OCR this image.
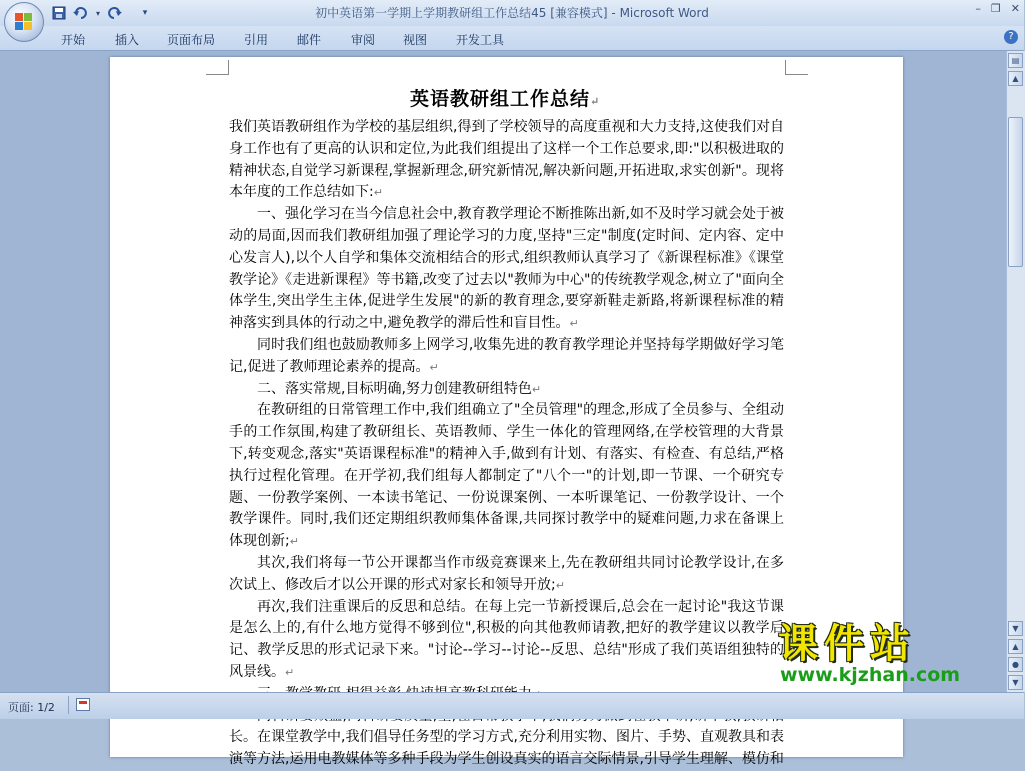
▾	▾	初中英语第一学期上学期教研组工作总结45 [兼容模式] - Microsoft Word	– ❐ ✕
开始 插入 页面布局 引用 邮件 审阅 视图 开发工具	?
英语教研组工作总结↵

我们英语教研组作为学校的基层组织,得到了学校领导的高度重视和大力支持,这使我们对自身工作也有了更高的认识和定位,为此我们组提出了这样一个工作总要求,即:"以积极进取的精神状态,自觉学习新课程,掌握新理念,研究新情况,解决新问题,开拓进取,求实创新"。现将本年度的工作总结如下:↵

一、强化学习在当今信息社会中,教育教学理论不断推陈出新,如不及时学习就会处于被动的局面,因而我们教研组加强了理论学习的力度,坚持"三定"制度(定时间、定内容、定中心发言人),以个人自学和集体交流相结合的形式,组织教师认真学习了《新课程标准》《课堂教学论》《走进新课程》等书籍,改变了过去以"教师为中心"的传统教学观念,树立了"面向全体学生,突出学生主体,促进学生发展"的新的教育理念,要穿新鞋走新路,将新课程标准的精神落实到具体的行动之中,避免教学的滞后性和盲目性。↵

同时我们组也鼓励教师多上网学习,收集先进的教育教学理论并坚持每学期做好学习笔记,促进了教师理论素养的提高。↵

二、落实常规,目标明确,努力创建教研组特色↵

在教研组的日常管理工作中,我们组确立了"全员管理"的理念,形成了全员参与、全组动手的工作氛围,构建了教研组长、英语教师、学生一体化的管理网络,在学校管理的大背景下,转变观念,落实"英语课程标准"的精神入手,做到有计划、有落实、有检查、有总结,严格执行过程化管理。在开学初,我们组每人都制定了"八个一"的计划,即一节课、一个研究专题、一份教学案例、一本读书笔记、一份说课案例、一本听课笔记、一份教学设计、一个教学课件。同时,我们还定期组织教师集体备课,共同探讨教学中的疑难问题,力求在备课上体现创新;↵

其次,我们将每一节公开课都当作市级竞赛课来上,先在教研组共同讨论教学设计,在多次试上、修改后才以公开课的形式对家长和领导开放;↵

再次,我们注重课后的反思和总结。在每上完一节新授课后,总会在一起讨论"我这节课是怎么上的,有什么地方觉得不够到位",积极的向其他教师请教,把好的教学建议以教学后记、教学反思的形式记录下来。"讨论--学习--讨论--反思、总结"形成了我们英语组独特的风景线。↵

长。在课堂教学中,我们倡导任务型的学习方式,充分利用实物、图片、手势、直观教具和表演等方法,运用电教媒体等多种手段为学生创设真实的语言交际情景,引导学生理解、模仿和

▤
▲
▼
▲
●
▼
页面: 1/2
课件站
www.kjzhan.com
